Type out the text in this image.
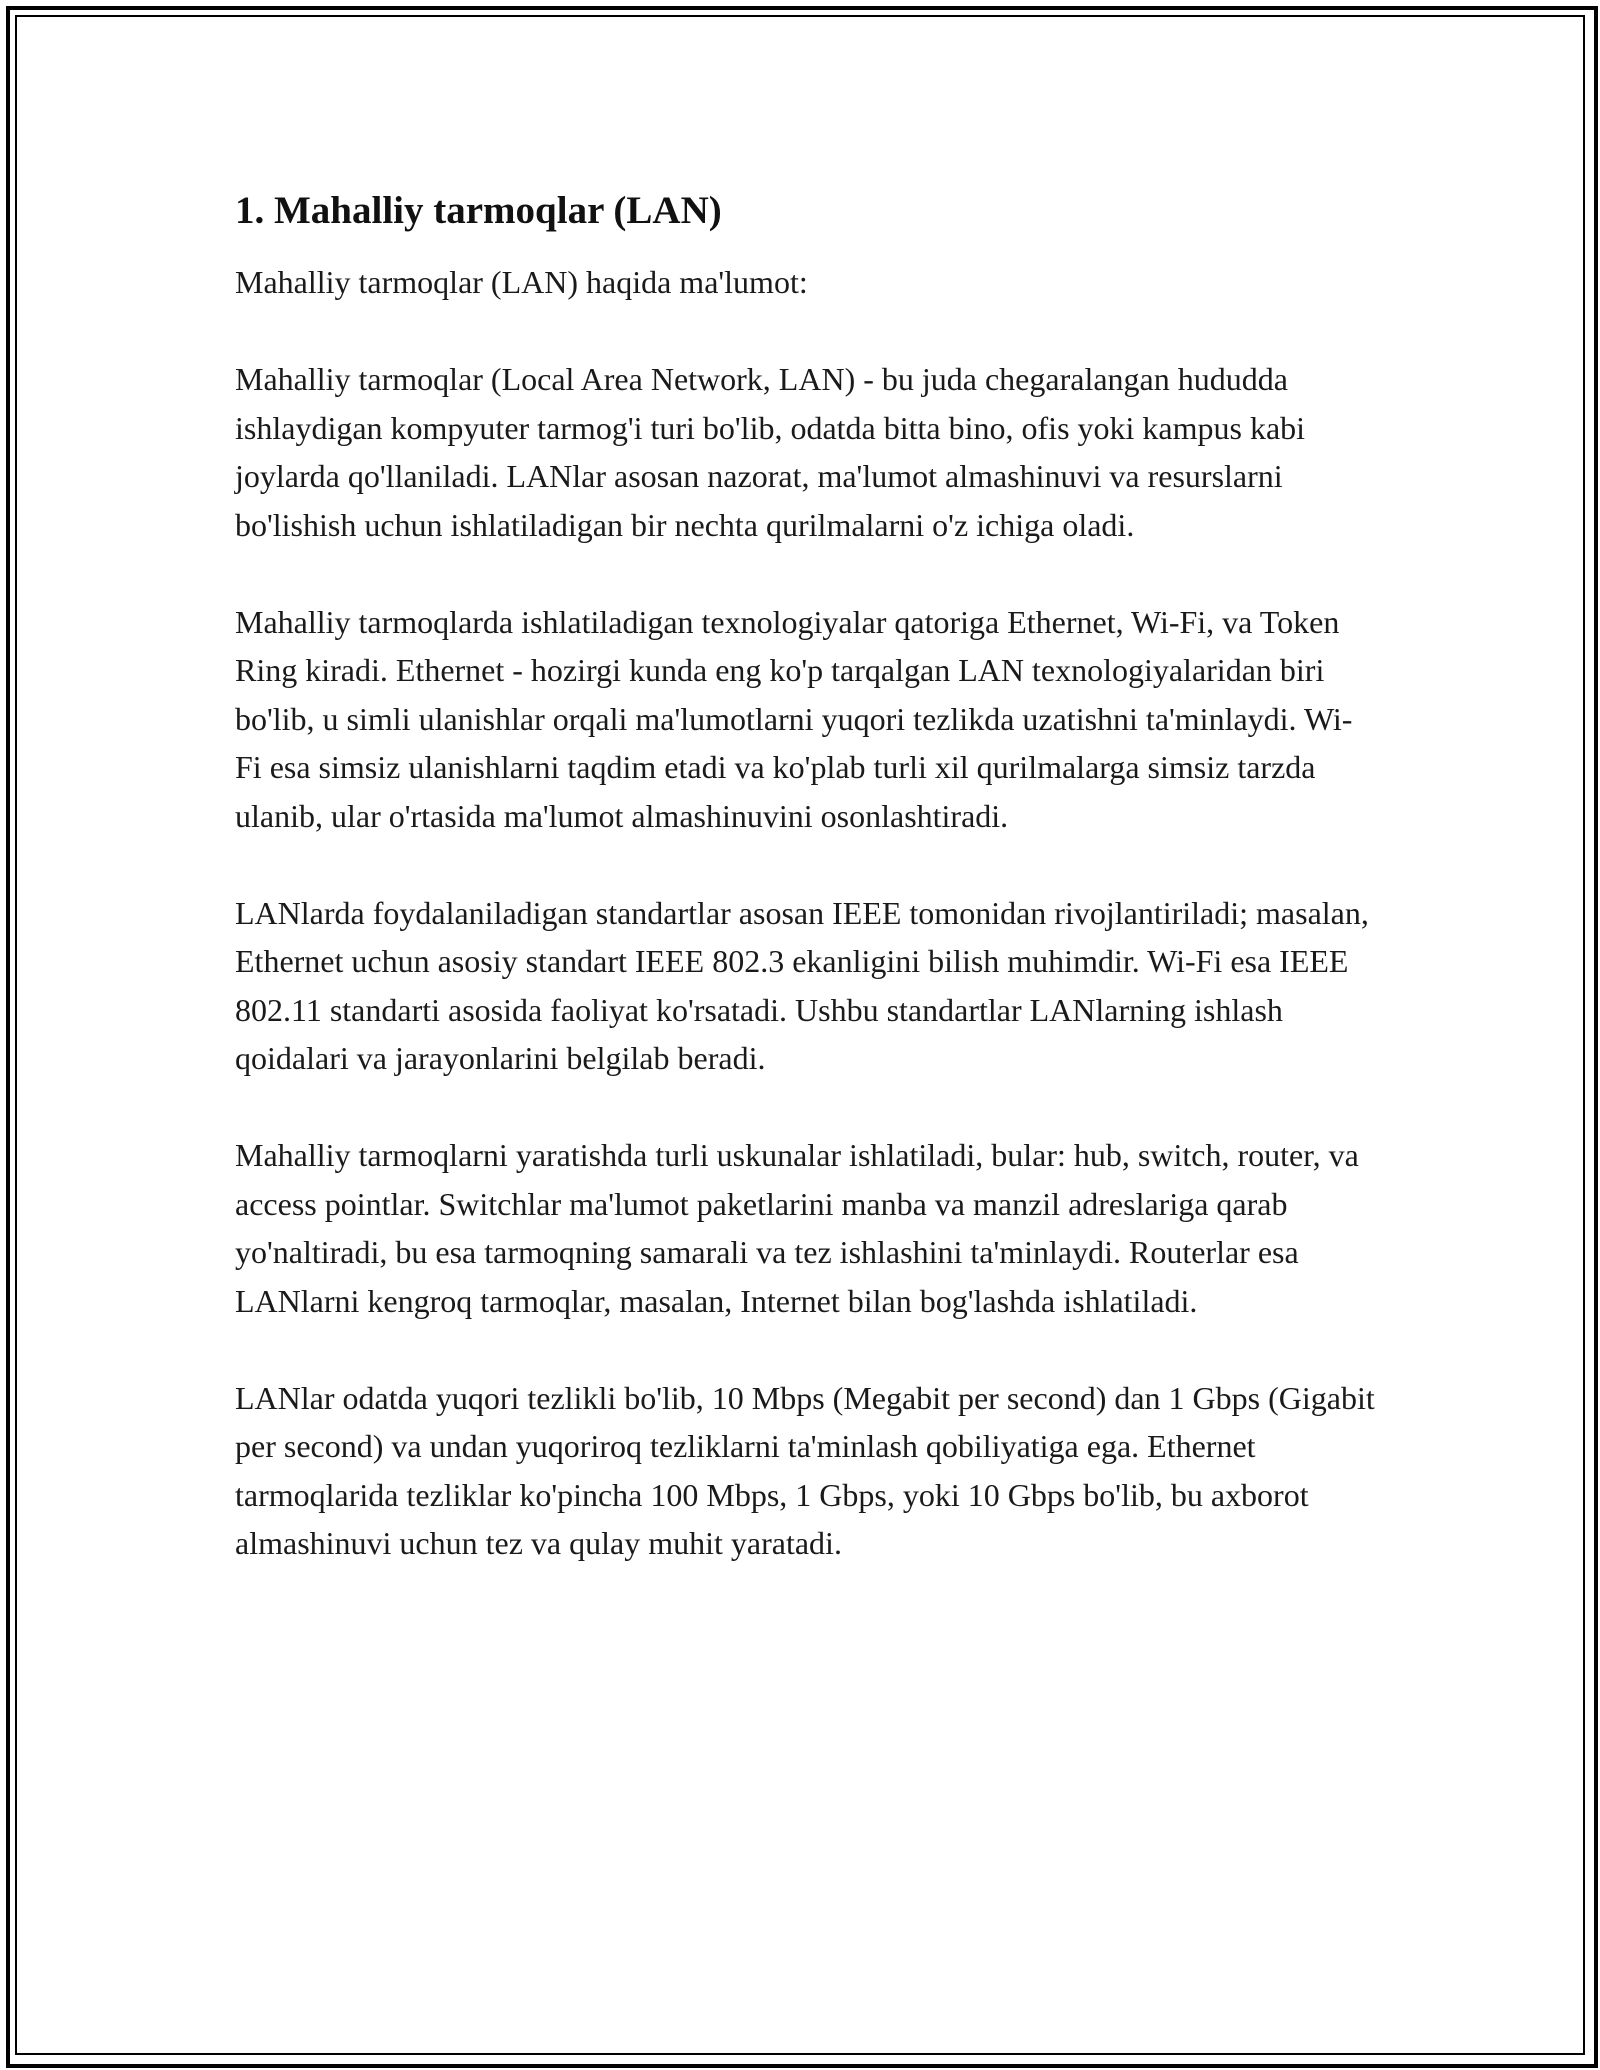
1. Mahalliy tarmoqlar (LAN)

Mahalliy tarmoqlar (LAN) haqida ma'lumot:

Mahalliy tarmoqlar (Local Area Network, LAN) - bu juda chegaralangan hududda ishlaydigan kompyuter tarmog'i turi bo'lib, odatda bitta bino, ofis yoki kampus kabi joylarda qo'llaniladi. LANlar asosan nazorat, ma'lumot almashinuvi va resurslarni bo'lishish uchun ishlatiladigan bir nechta qurilmalarni o'z ichiga oladi.

Mahalliy tarmoqlarda ishlatiladigan texnologiyalar qatoriga Ethernet, Wi-Fi, va Token Ring kiradi. Ethernet - hozirgi kunda eng ko'p tarqalgan LAN texnologiyalaridan biri bo'lib, u simli ulanishlar orqali ma'lumotlarni yuqori tezlikda uzatishni ta'minlaydi. Wi-Fi esa simsiz ulanishlarni taqdim etadi va ko'plab turli xil qurilmalarga simsiz tarzda ulanib, ular o'rtasida ma'lumot almashinuvini osonlashtiradi.

LANlarda foydalaniladigan standartlar asosan IEEE tomonidan rivojlantiriladi; masalan, Ethernet uchun asosiy standart IEEE 802.3 ekanligini bilish muhimdir. Wi-Fi esa IEEE 802.11 standarti asosida faoliyat ko'rsatadi. Ushbu standartlar LANlarning ishlash qoidalari va jarayonlarini belgilab beradi.

Mahalliy tarmoqlarni yaratishda turli uskunalar ishlatiladi, bular: hub, switch, router, va access pointlar. Switchlar ma'lumot paketlarini manba va manzil adreslariga qarab yo'naltiradi, bu esa tarmoqning samarali va tez ishlashini ta'minlaydi. Routerlar esa LANlarni kengroq tarmoqlar, masalan, Internet bilan bog'lashda ishlatiladi.

LANlar odatda yuqori tezlikli bo'lib, 10 Mbps (Megabit per second) dan 1 Gbps (Gigabit per second) va undan yuqoriroq tezliklarni ta'minlash qobiliyatiga ega. Ethernet tarmoqlarida tezliklar ko'pincha 100 Mbps, 1 Gbps, yoki 10 Gbps bo'lib, bu axborot almashinuvi uchun tez va qulay muhit yaratadi.
